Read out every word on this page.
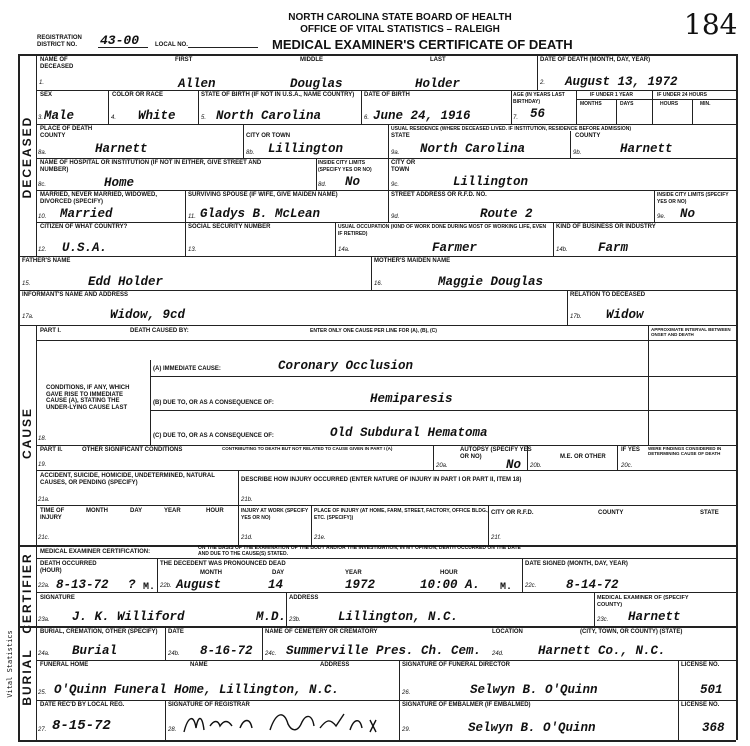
NORTH CAROLINA STATE BOARD OF HEALTH
OFFICE OF VITAL STATISTICS – RALEIGH
MEDICAL EXAMINER'S CERTIFICATE OF DEATH
REGISTRATION DISTRICT NO.	43-00	LOCAL NO.
184
DECEASED
CAUSE
CERTIFIER
BURIAL
Vital Statistics
NAME OF DECEASED
FIRST	MIDDLE	LAST
1.	Allen	Douglas	Holder
DATE OF DEATH (MONTH, DAY, YEAR)
2. August 13, 1972
SEX
3. Male
COLOR OR RACE
4. White
STATE OF BIRTH (IF NOT IN U.S.A., NAME COUNTRY)
5. North Carolina
DATE OF BIRTH
6. June 24, 1916
AGE (IN YEARS LAST BIRTHDAY)
7. 56
IF UNDER 1 YEAR	IF UNDER 24 HOURS
MONTHS	DAYS	HOURS	MIN.
PLACE OF DEATH COUNTY
8a.	Harnett
CITY OR TOWN
8b. Lillington
USUAL RESIDENCE (WHERE DECEASED LIVED. IF INSTITUTION, RESIDENCE BEFORE ADMISSION)
STATE	COUNTY
9a. North Carolina	9b.	Harnett
NAME OF HOSPITAL OR INSTITUTION (IF NOT IN EITHER, GIVE STREET AND NUMBER)
8c.	Home
INSIDE CITY LIMITS (SPECIFY YES OR NO)
8d. No
CITY OR TOWN
9c.	Lillington
MARRIED, NEVER MARRIED, WIDOWED, DIVORCED (SPECIFY)
10. Married
SURVIVING SPOUSE (IF WIFE, GIVE MAIDEN NAME)
11. Gladys B. McLean
STREET ADDRESS OR R.F.D. NO.
9d.	Route 2
INSIDE CITY LIMITS (SPECIFY YES OR NO)
9e. No
CITIZEN OF WHAT COUNTRY?
12. U.S.A.
SOCIAL SECURITY NUMBER
13.
USUAL OCCUPATION (KIND OF WORK DONE DURING MOST OF WORKING LIFE, EVEN IF RETIRED)
14a.	Farmer
KIND OF BUSINESS OR INDUSTRY
14b. Farm
FATHER'S NAME
15.	Edd Holder
MOTHER'S MAIDEN NAME
16.	Maggie Douglas
INFORMANT'S NAME AND ADDRESS
17a.	Widow, 9cd
RELATION TO DECEASED
17b. Widow
PART I.	DEATH CAUSED BY:	ENTER ONLY ONE CAUSE PER LINE FOR (A), (B), (C)	APPROXIMATE INTERVAL BETWEEN ONSET AND DEATH
CONDITIONS, IF ANY, WHICH GAVE RISE TO IMMEDIATE CAUSE (A), STATING THE UNDER-LYING CAUSE LAST
(A) IMMEDIATE CAUSE:	Coronary Occlusion
(B) DUE TO, OR AS A CONSEQUENCE OF:	Hemiparesis
(C) DUE TO, OR AS A CONSEQUENCE OF:	Old Subdural Hematoma
18.
PART II.	OTHER SIGNIFICANT CONDITIONS	CONTRIBUTING TO DEATH BUT NOT RELATED TO CAUSE GIVEN IN PART I (A)
19.
AUTOPSY (SPECIFY YES OR NO)
20a.	No
M.E. OR OTHER
20b.
IF YES WERE FINDINGS CONSIDERED IN DETERMINING CAUSE OF DEATH
20c.
ACCIDENT, SUICIDE, HOMICIDE, UNDETERMINED, NATURAL CAUSES, OR PENDING (SPECIFY)
21a.
DESCRIBE HOW INJURY OCCURRED (ENTER NATURE OF INJURY IN PART I OR PART II, ITEM 18)
21b.
TIME OF INJURY
MONTH	DAY	YEAR	HOUR
21c.
INJURY AT WORK (SPECIFY YES OR NO)
21d.
PLACE OF INJURY (AT HOME, FARM, STREET, FACTORY, OFFICE BLDG., ETC. (SPECIFY))
21e.
CITY OR R.F.D.	COUNTY	STATE
21f.
MEDICAL EXAMINER CERTIFICATION:
ON THE BASIS OF THE EXAMINATION OF THE BODY AND/OR THE INVESTIGATION, IN MY OPINION, DEATH OCCURRED ON THE DATE AND DUE TO THE CAUSE(S) STATED.
DEATH OCCURRED (HOUR)
22a. 8-13-72 ? M.
THE DECEDENT WAS PRONOUNCED DEAD
MONTH	DAY	YEAR	HOUR
22b. August	14	1972	10:00 A. M.
DATE SIGNED (MONTH, DAY, YEAR)
22c. 8-14-72
SIGNATURE
23a. J. K. Williford	M.D.
ADDRESS
23b.	Lillington, N.C.
MEDICAL EXAMINER OF (SPECIFY COUNTY)
23c. Harnett
BURIAL, CREMATION, OTHER (SPECIFY)
24a. Burial
DATE
24b. 8-16-72
NAME OF CEMETERY OR CREMATORY
24c. Summerville Pres. Ch. Cem.
LOCATION	(CITY, TOWN, OR COUNTY) (STATE)
24d.	Harnett Co., N.C.
FUNERAL HOME	NAME	ADDRESS
25. O'Quinn Funeral Home, Lillington, N.C.
SIGNATURE OF FUNERAL DIRECTOR
26.	Selwyn B. O'Quinn
LICENSE NO.
501
DATE REC'D BY LOCAL REG.
27. 8-15-72
SIGNATURE OF REGISTRAR
28.
SIGNATURE OF EMBALMER (IF EMBALMED)
29.	Selwyn B. O'Quinn
LICENSE NO.
368
